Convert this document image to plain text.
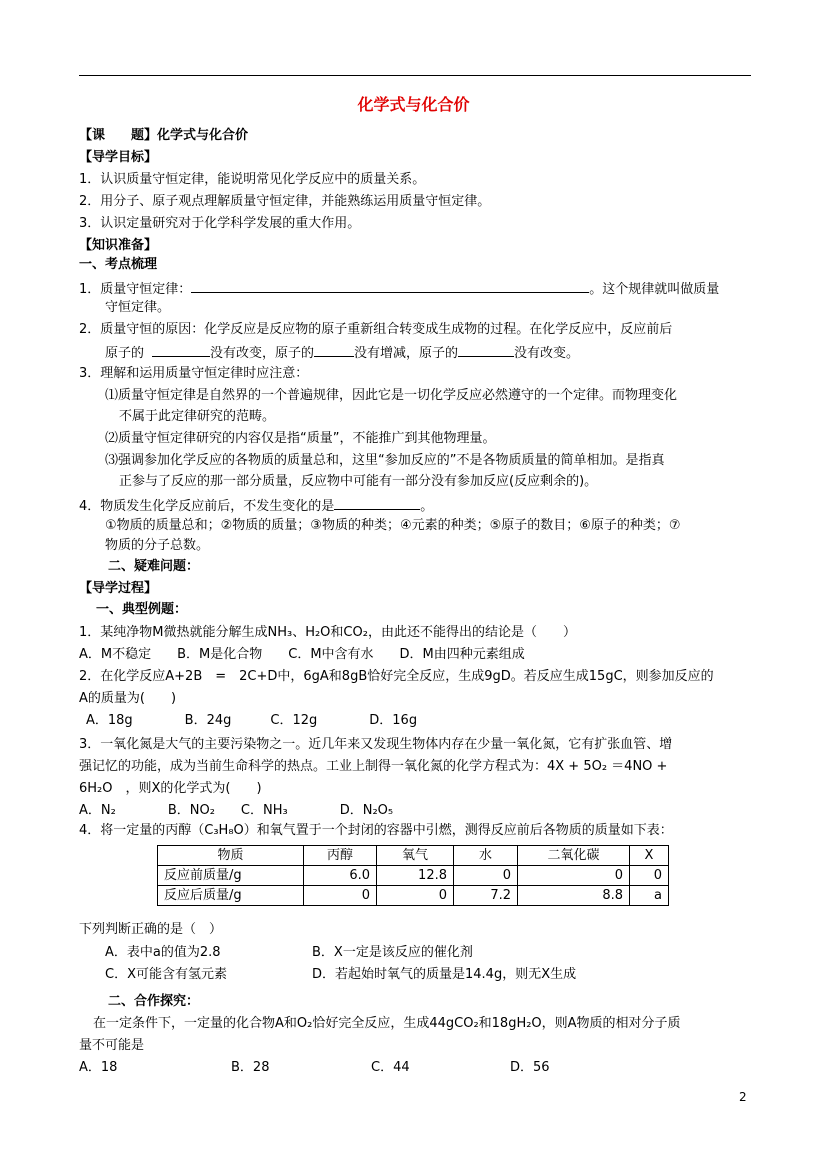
化学式与化合价
【课　　题】化学式与化合价
【导学目标】
1．认识质量守恒定律，能说明常见化学反应中的质量关系。
2．用分子、原子观点理解质量守恒定律，并能熟练运用质量守恒定律。
3．认识定量研究对于化学科学发展的重大作用。
【知识准备】
一、考点梳理
1．质量守恒定律：	。这个规律就叫做质量
守恒定律。
2．质量守恒的原因：化学反应是反应物的原子重新组合转变成生成物的过程。在化学反应中，反应前后
原子的	没有改变，原子的	没有增减，原子的	没有改变。
3．理解和运用质量守恒定律时应注意：
⑴质量守恒定律是自然界的一个普遍规律，因此它是一切化学反应必然遵守的一个定律。而物理变化
不属于此定律研究的范畴。
⑵质量守恒定律研究的内容仅是指“质量”，不能推广到其他物理量。
⑶强调参加化学反应的各物质的质量总和，这里“参加反应的”不是各物质质量的简单相加。是指真
正参与了反应的那一部分质量，反应物中可能有一部分没有参加反应(反应剩余的)。
4．物质发生化学反应前后，不发生变化的是	。
①物质的质量总和；②物质的质量；③物质的种类；④元素的种类；⑤原子的数目；⑥原子的种类；⑦
物质的分子总数。
二、疑难问题：
【导学过程】
一、典型例题：
1．某纯净物M微热就能分解生成NH₃、H₂O和CO₂，由此还不能得出的结论是（　　）
A．M不稳定　　B．M是化合物　　C．M中含有水　　D．M由四种元素组成
2．在化学反应A+2B　=　2C+D中，6gA和8gB恰好完全反应，生成9gD。若反应生成15gC，则参加反应的
A的质量为(　　)
A．18g　　　　B．24g　　　C．12g　　　　D．16g
3．一氧化氮是大气的主要污染物之一。近几年来又发现生物体内存在少量一氧化氮，它有扩张血管、增
强记忆的功能，成为当前生命科学的热点。工业上制得一氧化氮的化学方程式为：4X + 5O₂ ＝4NO +
6H₂O　，则X的化学式为(　　)
A．N₂　　　　B．NO₂　　C．NH₃　　　　D．N₂O₅
4．将一定量的丙醇（C₃H₈O）和氧气置于一个封闭的容器中引燃，测得反应前后各物质的质量如下表：
物质	丙醇	氧气	水	二氧化碳	X
反应前质量/g	6.0	12.8	0	0	0
反应后质量/g	0	0	7.2	8.8	a
下列判断正确的是（　）
A．表中a的值为2.8	B．X一定是该反应的催化剂
C．X可能含有氢元素	D．若起始时氧气的质量是14.4g，则无X生成
二、合作探究：
在一定条件下，一定量的化合物A和O₂恰好完全反应，生成44gCO₂和18gH₂O，则A物质的相对分子质
量不可能是
A．18	B．28	C．44	D．56
2
